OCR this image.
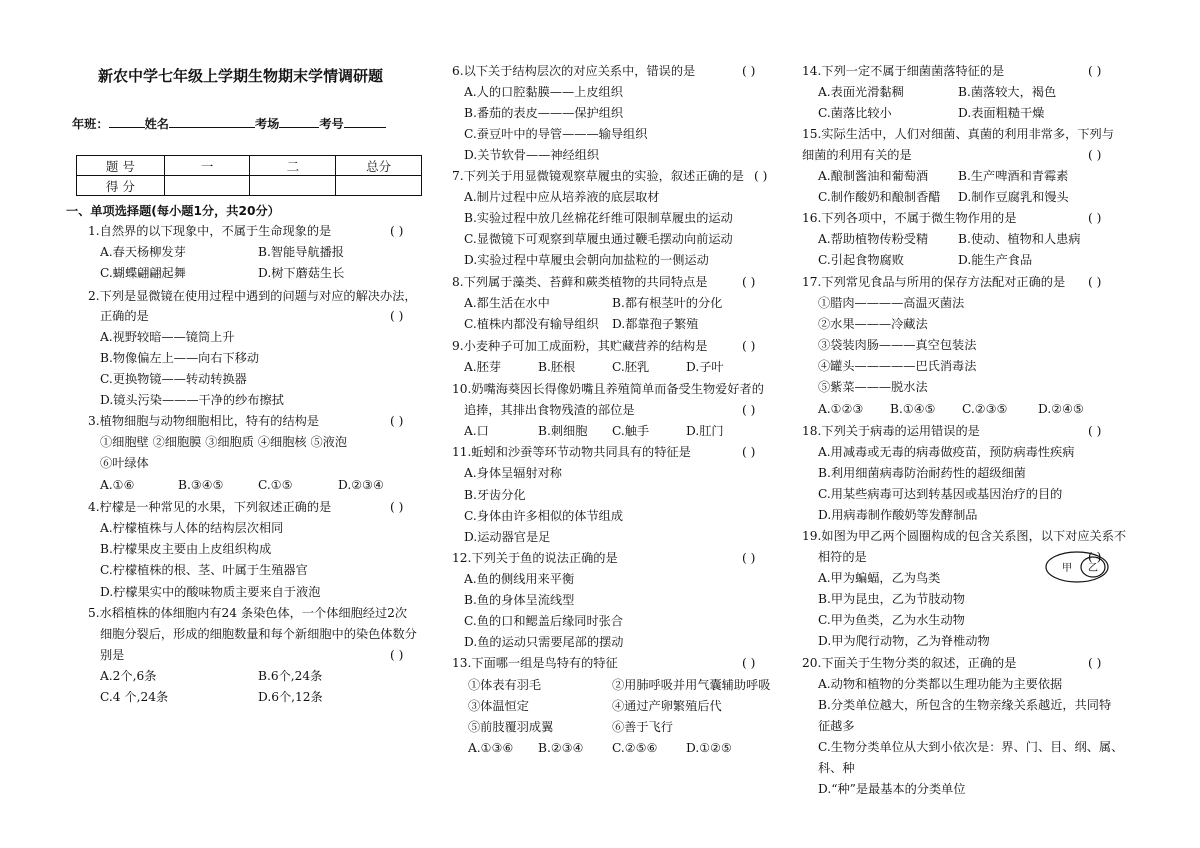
新农中学七年级上学期生物期末学情调研题
年班：	姓名	考场	考号
题 号	一	二	总分
得 分			
一、单项选择题(每小题1分，共20分）
1.自然界的以下现象中，不属于生命现象的是	( )
A.春天杨柳发芽	B.智能导航播报
C.蝴蝶翩翩起舞	D.树下蘑菇生长
2.下列是显微镜在使用过程中遇到的问题与对应的解决办法，
正确的是	( )
A.视野较暗——镜筒上升
B.物像偏左上——向右下移动
C.更换物镜——转动转换器
D.镜头污染———干净的纱布擦拭
3.植物细胞与动物细胞相比，特有的结构是	( )
①细胞壁 ②细胞膜 ③细胞质 ④细胞核 ⑤液泡
⑥叶绿体
A.①⑥	B.③④⑤	C.①⑤	D.②③④
4.柠檬是一种常见的水果，下列叙述正确的是	( )
A.柠檬植株与人体的结构层次相同
B.柠檬果皮主要由上皮组织构成
C.柠檬植株的根、茎、叶属于生殖器官
D.柠檬果实中的酸味物质主要来自于液泡
5.水稻植株的体细胞内有24 条染色体，一个体细胞经过2次
细胞分裂后，形成的细胞数量和每个新细胞中的染色体数分
别是	( )
A.2个,6条	B.6个,24条
C.4 个,24条	D.6个,12条
6.以下关于结构层次的对应关系中，错误的是	( )
A.人的口腔黏膜——上皮组织
B.番茄的表皮———保护组织
C.蚕豆叶中的导管———输导组织
D.关节软骨——神经组织
7.下列关于用显微镜观察草履虫的实验，叙述正确的是 ( )
A.制片过程中应从培养液的底层取材
B.实验过程中放几丝棉花纤维可限制草履虫的运动
C.显微镜下可观察到草履虫通过鞭毛摆动向前运动
D.实验过程中草履虫会朝向加盐粒的一侧运动
8.下列属于藻类、苔藓和蕨类植物的共同特点是	( )
A.都生活在水中	B.都有根茎叶的分化
C.植株内都没有输导组织 D.都靠孢子繁殖
9.小麦种子可加工成面粉，其贮藏营养的结构是	( )
A.胚芽	B.胚根	C.胚乳	D.子叶
10.奶嘴海葵因长得像奶嘴且养殖简单而备受生物爱好者的
追捧，其排出食物残渣的部位是	( )
A.口	B.刺细胞 C.触手	D.肛门
11.蚯蚓和沙蚕等环节动物共同具有的特征是	( )
A.身体呈辐射对称
B.牙齿分化
C.身体由许多相似的体节组成
D.运动器官是足
12.下列关于鱼的说法正确的是	( )
A.鱼的侧线用来平衡
B.鱼的身体呈流线型
C.鱼的口和鳃盖后缘同时张合
D.鱼的运动只需要尾部的摆动
13.下面哪一组是鸟特有的特征	( )
①体表有羽毛	②用肺呼吸并用气囊辅助呼吸
③体温恒定	④通过产卵繁殖后代
⑤前肢覆羽成翼	⑥善于飞行
A.①③⑥ B.②③④ C.②⑤⑥ D.①②⑤
14.下列一定不属于细菌菌落特征的是	( )
A.表面光滑黏稠	B.菌落较大，褐色
C.菌落比较小	D.表面粗糙干燥
15.实际生活中，人们对细菌、真菌的利用非常多，下列与
细菌的利用有关的是	( )
A.酿制酱油和葡萄酒 B.生产啤酒和青霉素
C.制作酸奶和酿制香醋 D.制作豆腐乳和馒头
16.下列各项中，不属于微生物作用的是	( )
A.帮助植物传粉受精 B.使动、植物和人患病
C.引起食物腐败	D.能生产食品
17.下列常见食品与所用的保存方法配对正确的是 ( )
①腊肉————高温灭菌法
②水果———冷藏法
③袋装肉肠———真空包装法
④罐头—————巴氏消毒法
⑤紫菜———脱水法
A.①②③ B.①④⑤ C.②③⑤ D.②④⑤
18.下列关于病毒的运用错误的是	( )
A.用减毒或无毒的病毒做疫苗，预防病毒性疾病
B.利用细菌病毒防治耐药性的超级细菌
C.用某些病毒可达到转基因或基因治疗的目的
D.用病毒制作酸奶等发酵制品
19.如图为甲乙两个圆圈构成的包含关系图，以下对应关系不
相符的是	( )
A.甲为蝙蝠，乙为鸟类
B.甲为昆虫，乙为节肢动物
C.甲为鱼类，乙为水生动物
D.甲为爬行动物，乙为脊椎动物
甲 乙
20.下面关于生物分类的叙述，正确的是	( )
A.动物和植物的分类都以生理功能为主要依据
B.分类单位越大，所包含的生物亲缘关系越近，共同特
征越多
C.生物分类单位从大到小依次是：界、门、目、纲、属、
科、种
D.“种”是最基本的分类单位
